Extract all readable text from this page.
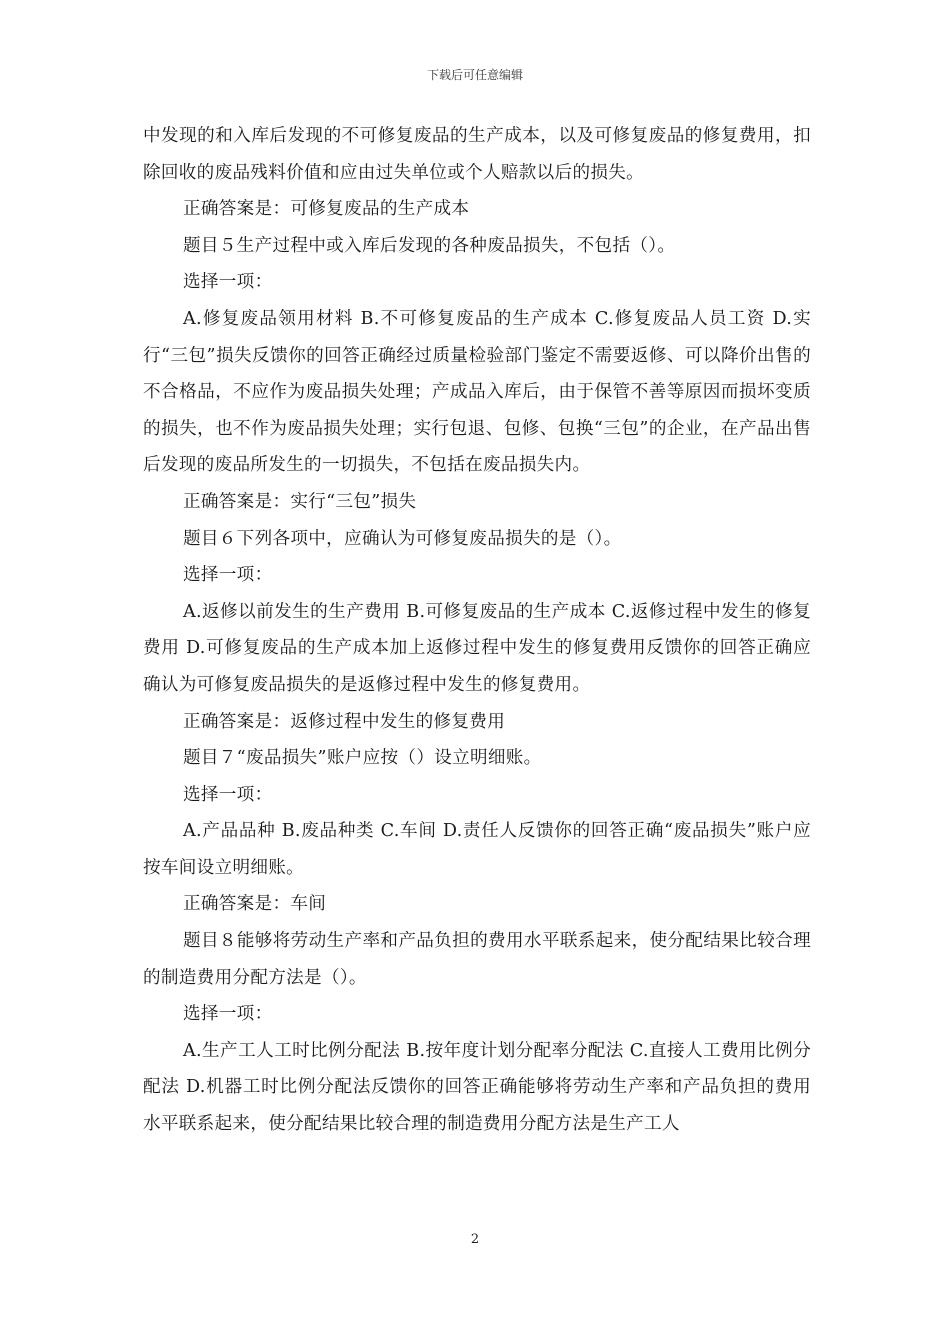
下载后可任意编辑

中发现的和入库后发现的不可修复废品的生产成本，以及可修复废品的修复费用，扣除回收的废品残料价值和应由过失单位或个人赔款以后的损失。

正确答案是：可修复废品的生产成本

题目５生产过程中或入库后发现的各种废品损失，不包括（）。

选择一项：

A.修复废品领用材料 B.不可修复废品的生产成本 C.修复废品人员工资 D.实行“三包”损失反馈你的回答正确经过质量检验部门鉴定不需要返修、可以降价出售的不合格品，不应作为废品损失处理；产成品入库后，由于保管不善等原因而损坏变质的损失，也不作为废品损失处理；实行包退、包修、包换“三包”的企业，在产品出售后发现的废品所发生的一切损失，不包括在废品损失内。

正确答案是：实行“三包”损失

题目６下列各项中，应确认为可修复废品损失的是（）。

选择一项：

A.返修以前发生的生产费用 B.可修复废品的生产成本 C.返修过程中发生的修复费用 D.可修复废品的生产成本加上返修过程中发生的修复费用反馈你的回答正确应确认为可修复废品损失的是返修过程中发生的修复费用。

正确答案是：返修过程中发生的修复费用

题目７“废品损失”账户应按（）设立明细账。

选择一项：

A.产品品种 B.废品种类 C.车间 D.责任人反馈你的回答正确“废品损失”账户应按车间设立明细账。

正确答案是：车间

题目８能够将劳动生产率和产品负担的费用水平联系起来，使分配结果比较合理的制造费用分配方法是（）。

选择一项：

A.生产工人工时比例分配法 B.按年度计划分配率分配法 C.直接人工费用比例分配法 D.机器工时比例分配法反馈你的回答正确能够将劳动生产率和产品负担的费用水平联系起来，使分配结果比较合理的制造费用分配方法是生产工人

2
